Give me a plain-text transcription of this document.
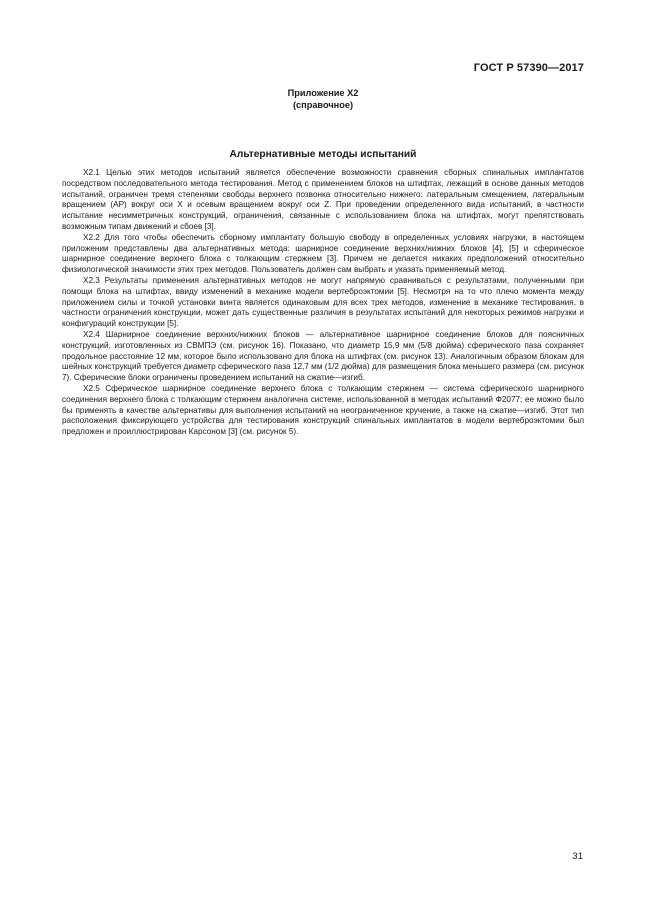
ГОСТ Р 57390—2017
Приложение X2
(справочное)
Альтернативные методы испытаний

X2.1 Целью этих методов испытаний является обеспечение возможности сравнения сборных спинальных имплантатов посредством последовательного метода тестирования. Метод с применением блоков на штифтах, лежащий в основе данных методов испытаний, ограничен тремя степенями свободы верхнего позвонка относительно нижнего: латеральным смещением, латеральным вращением (АР) вокруг оси X и осевым вращением вокруг оси Z. При проведении определенного вида испытаний, в частности испытание несимметричных конструкций, ограничения, связанные с использованием блока на штифтах, могут препятствовать возможным типам движений и сбоев [3].

X2.2 Для того чтобы обеспечить сборному имплантату большую свободу в определенных условиях нагрузки, в настоящем приложении представлены два альтернативных метода: шарнирное соединение верхних/нижних блоков [4], [5] и сферическое шарнирное соединение верхнего блока с толкающим стержнем [3]. Причем не делается никаких предположений относительно физиологической значимости этих трех методов. Пользователь должен сам выбрать и указать применяемый метод.

X2.3 Результаты применения альтернативных методов не могут напрямую сравниваться с результатами, полученными при помощи блока на штифтах, ввиду изменений в механике модели вертеброэктомии [5]. Несмотря на то что плечо момента между приложением силы и точкой установки винта является одинаковым для всех трех методов, изменение в механике тестирования, в частности ограничения конструкции, может дать существенные различия в результатах испытаний для некоторых режимов нагрузки и конфигураций конструкции [5].

X2.4 Шарнирное соединение верхних/нижних блоков — альтернативное шарнирное соединение блоков для поясничных конструкций, изготовленных из СВМПЭ (см. рисунок 16). Показано, что диаметр 15,9 мм (5/8 дюйма) сферического паза сохраняет продольное расстояние 12 мм, которое было использовано для блока на штифтах (см. рисунок 13). Аналогичным образом блокам для шейных конструкций требуется диаметр сферического паза 12,7 мм (1/2 дюйма) для размещения блока меньшего размера (см. рисунок 7). Сферические блоки ограничены проведением испытаний на сжатие—изгиб.

X2.5 Сферическое шарнирное соединение верхнего блока с толкающим стержнем — система сферического шарнирного соединения верхнего блока с толкающим стержнем аналогична системе, использованной в методах испытаний Ф2077; ее можно было бы применять в качестве альтернативы для выполнения испытаний на неограниченное кручение, а также на сжатие—изгиб. Этот тип расположения фиксирующего устройства для тестирования конструкций спинальных имплантатов в модели вертеброэктомии был предложен и проиллюстрирован Карсоном [3] (см. рисунок 5).

31
